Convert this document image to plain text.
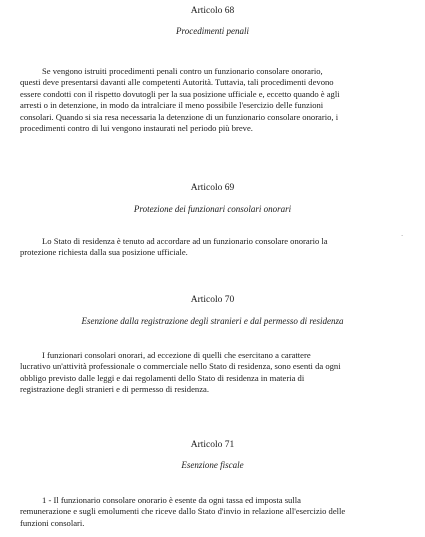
Articolo 68
Procedimenti penali
Se vengono istruiti procedimenti penali contro un funzionario consolare onorario,
questi deve presentarsi davanti alle competenti Autorità. Tuttavia, tali procedimenti devono
essere condotti con il rispetto dovutogli per la sua posizione ufficiale e, eccetto quando è agli
arresti o in detenzione, in modo da intralciare il meno possibile l'esercizio delle funzioni
consolari. Quando si sia resa necessaria la detenzione di un funzionario consolare onorario, i
procedimenti contro di lui vengono instaurati nel periodo più breve.
Articolo 69
Protezione dei funzionari consolari onorari
Lo Stato di residenza è tenuto ad accordare ad un funzionario consolare onorario la
protezione richiesta dalla sua posizione ufficiale.
Articolo 70
Esenzione dalla registrazione degli stranieri e dal permesso di residenza
I funzionari consolari onorari, ad eccezione di quelli che esercitano a carattere
lucrativo un'attività professionale o commerciale nello Stato di residenza, sono esenti da ogni
obbligo previsto dalle leggi e dai regolamenti dello Stato di residenza in materia di
registrazione degli stranieri e di permesso di residenza.
Articolo 71
Esenzione fiscale
1 - Il funzionario consolare onorario è esente da ogni tassa ed imposta sulla
remunerazione e sugli emolumenti che riceve dallo Stato d'invio in relazione all'esercizio delle
funzioni consolari.
·
